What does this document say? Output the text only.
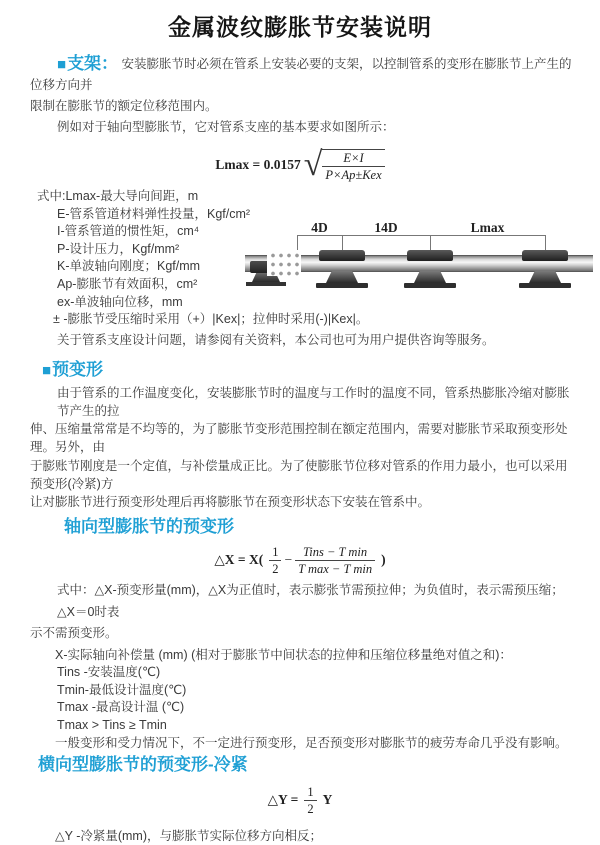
金属波纹膨胀节安装说明
■支架： 安装膨胀节时必须在管系上安装必要的支架，以控制管系的变形在膨胀节上产生的位移方向并
限制在膨胀节的额定位移范围内。
例如对于轴向型膨胀节，它对管系支座的基本要求如图所示：
Lmax = 0.0157 √ $\frac{E\times I}{\text{P×Ap±Kex}}$
式中:Lmax-最大导向间距，m
E-管系管道材料弹性投量，Kgf/cm²
I-管系管道的惯性矩，cm⁴
P-设计压力，Kgf/mm²
K-单波轴向刚度；Kgf/mm
Ap-膨胀节有效面积，cm²
ex-单波轴向位移，mm
± -膨胀节受压缩时采用（+）|Kex|；拉伸时采用(-)|Kex|。
4D	14D	Lmax
关于管系支座设计问题，请参阅有关资料，本公司也可为用户提供咨询等服务。
■预变形
由于管系的工作温度变化，安装膨胀节时的温度与工作时的温度不同，管系热膨胀冷缩对膨胀节产生的拉
伸、压缩量常常是不均等的，为了膨胀节变形范围控制在额定范围内，需要对膨胀节采取预变形处理。另外，由
于膨账节刚度是一个定值，与补偿量成正比。为了使膨胀节位移对管系的作用力最小，也可以采用预变形(冷紧)方
让对膨胀节进行预变形处理后再将膨胀节在预变形状态下安装在管系中。
轴向型膨胀节的预变形
△X = $X( \frac{1}{2} - \frac{\text{Tins − T min}}{\text{T max − T min}}$ )
式中：△X-预变形量(mm)，△X为正值时，表示膨张节需预拉伸；为负值时，表示需预压缩；△X＝0时表
示不需预变形。
X-实际轴向补偿量 (mm) (相对于膨胀节中间状态的拉伸和压缩位移量绝对值之和)：
Tins -安装温度(℃)
Tmin-最低设计温度(℃)
Tmax -最高设计温 (℃)
Tmax > Tins ≥ Tmin
一般变形和受力情况下，不一定进行预变形，足否预变形对膨胀节的疲劳寿命几乎没有影响。
横向型膨胀节的预变形-冷紧
△Y = $\frac{1}{2}$ Y
△Y -冷紧量(mm)，与膨胀节实际位移方向相反；
